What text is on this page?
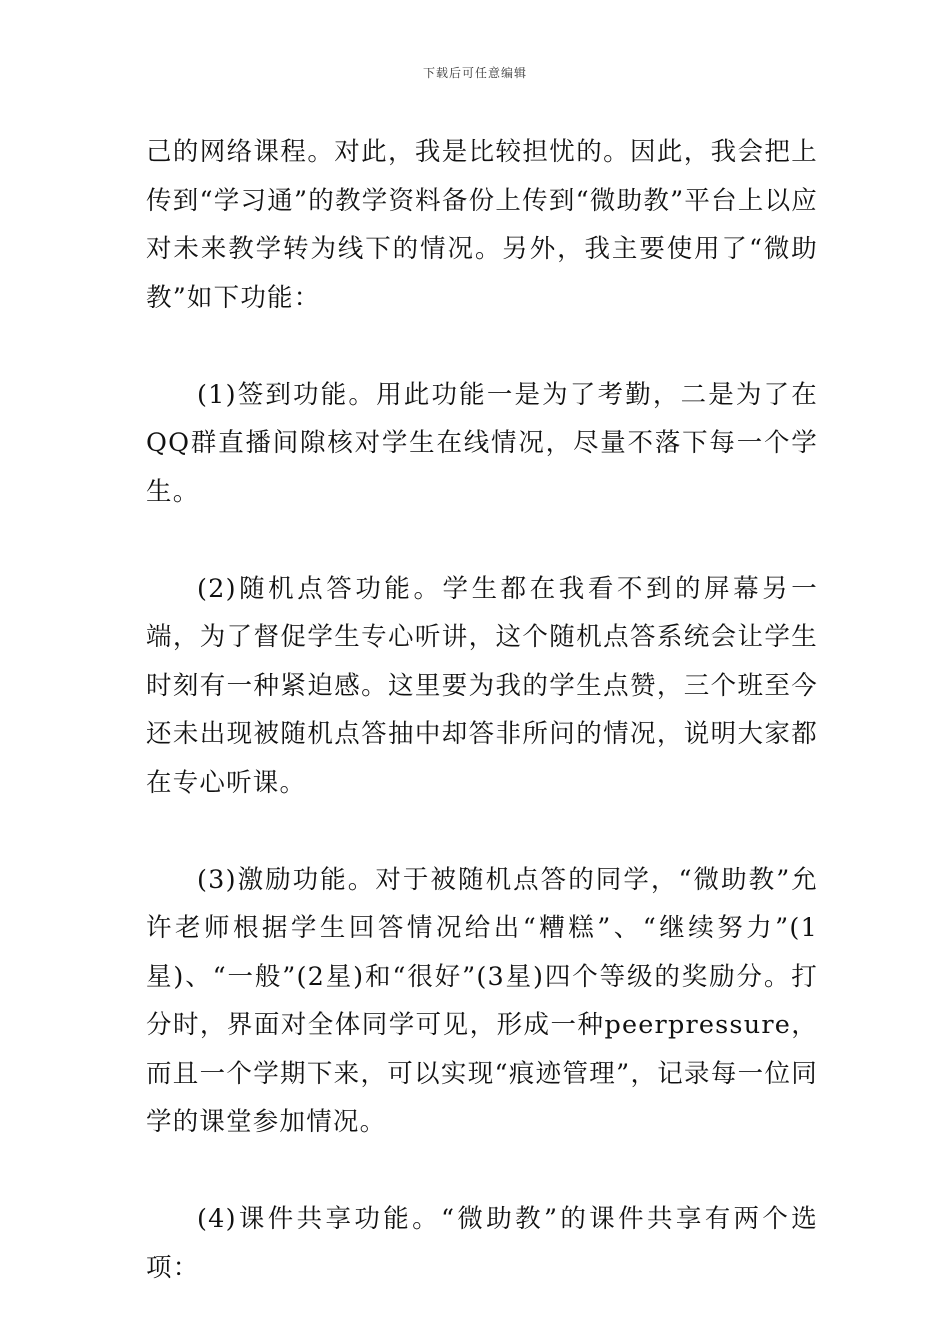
下载后可任意编辑

己的网络课程。对此，我是比较担忧的。因此，我会把上传到“学习通”的教学资料备份上传到“微助教”平台上以应对未来教学转为线下的情况。另外，我主要使用了“微助教”如下功能：

(1)签到功能。用此功能一是为了考勤，二是为了在QQ群直播间隙核对学生在线情况，尽量不落下每一个学生。

(2)随机点答功能。学生都在我看不到的屏幕另一端，为了督促学生专心听讲，这个随机点答系统会让学生时刻有一种紧迫感。这里要为我的学生点赞，三个班至今还未出现被随机点答抽中却答非所问的情况，说明大家都在专心听课。

(3)激励功能。对于被随机点答的同学，“微助教”允许老师根据学生回答情况给出“糟糕”、“继续努力”(1星)、“一般”(2星)和“很好”(3星)四个等级的奖励分。打分时，界面对全体同学可见，形成一种peerpressure，而且一个学期下来，可以实现“痕迹管理”，记录每一位同学的课堂参加情况。

(4)课件共享功能。“微助教”的课件共享有两个选项：
